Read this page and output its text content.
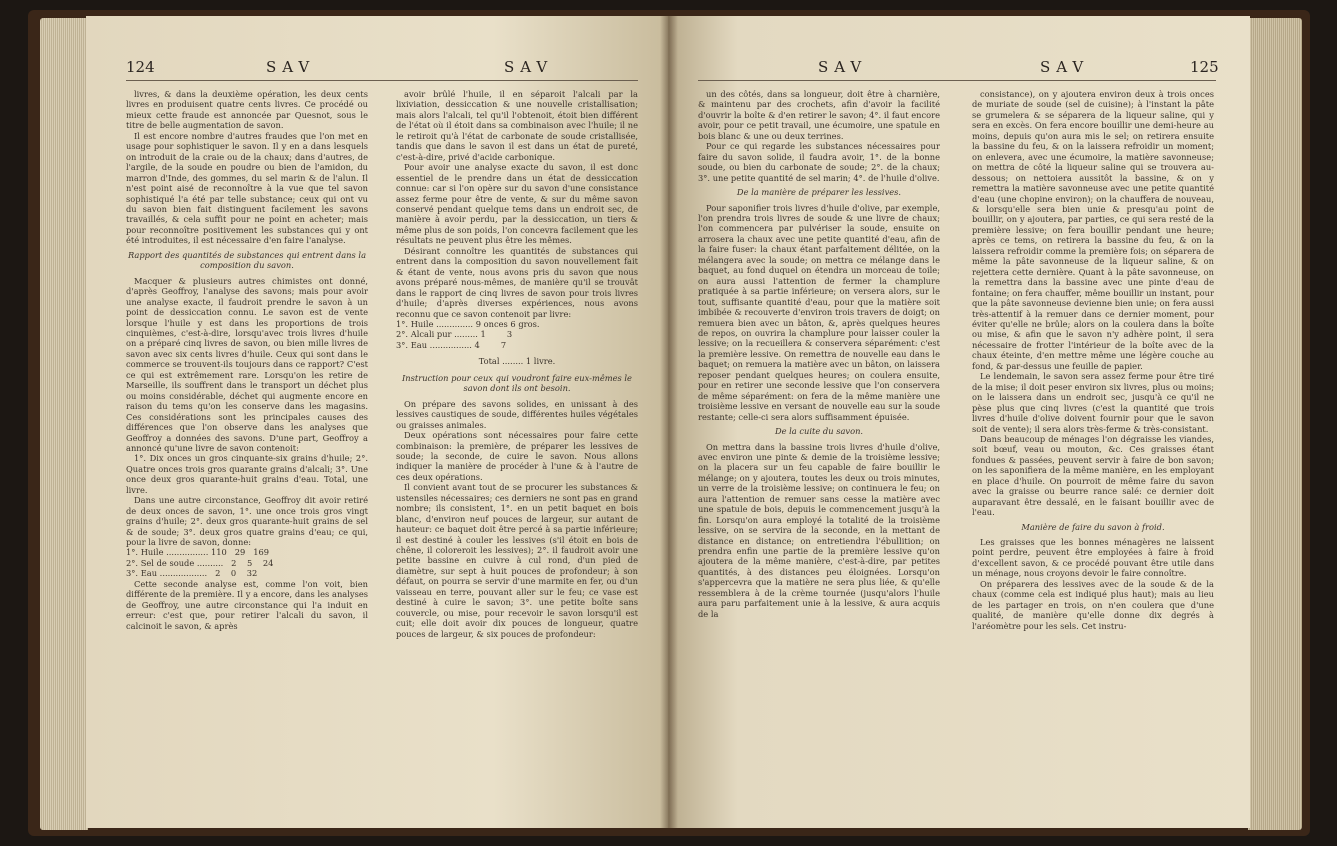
124	SAV	SAV

livres, & dans la deuxième opération, les deux cents livres en produisent quatre cents livres. Ce procédé ou mieux cette fraude est annoncée par Quesnot, sous le titre de belle augmentation de savon.

Il est encore nombre d'autres fraudes que l'on met en usage pour sophistiquer le savon. Il y en a dans lesquels on introduit de la craie ou de la chaux; dans d'autres, de l'argile, de la soude en poudre ou bien de l'amidon, du marron d'Inde, des gommes, du sel marin & de l'alun. Il n'est point aisé de reconnoître à la vue que tel savon sophistiqué l'a été par telle substance; ceux qui ont vu du savon bien fait distinguent facilement les savons travaillés, & cela suffit pour ne point en acheter; mais pour reconnoître positivement les substances qui y ont été introduites, il est nécessaire d'en faire l'analyse.

Rapport des quantités de substances qui entrent dans la composition du savon.

Macquer & plusieurs autres chimistes ont donné, d'après Geoffroy, l'analyse des savons; mais pour avoir une analyse exacte, il faudroit prendre le savon à un point de dessiccation connu. Le savon est de vente lorsque l'huile y est dans les proportions de trois cinquièmes, c'est-à-dire, lorsqu'avec trois livres d'huile on a préparé cinq livres de savon, ou bien mille livres de savon avec six cents livres d'huile. Ceux qui sont dans le commerce se trouvent-ils toujours dans ce rapport? C'est ce qui est extrêmement rare. Lorsqu'on les retire de Marseille, ils souffrent dans le transport un déchet plus ou moins considérable, déchet qui augmente encore en raison du tems qu'on les conserve dans les magasins. Ces considérations sont les principales causes des différences que l'on observe dans les analyses que Geoffroy a données des savons. D'une part, Geoffroy a annoncé qu'une livre de savon contenoit:

1°. Dix onces un gros cinquante-six grains d'huile; 2°. Quatre onces trois gros quarante grains d'alcali; 3°. Une once deux gros quarante-huit grains d'eau. Total, une livre.

Dans une autre circonstance, Geoffroy dit avoir retiré de deux onces de savon, 1°. une once trois gros vingt grains d'huile; 2°. deux gros quarante-huit grains de sel & de soude; 3°. deux gros quatre grains d'eau; ce qui, pour la livre de savon, donne:

1°. Huile ................ 110   29   169
2°. Sel de soude ..........   2    5    24
3°. Eau ..................   2    0    32

Cette seconde analyse est, comme l'on voit, bien différente de la première. Il y a encore, dans les analyses de Geoffroy, une autre circonstance qui l'a induit en erreur: c'est que, pour retirer l'alcali du savon, il calcinoit le savon, & après

avoir brûlé l'huile, il en séparoit l'alcali par la lixiviation, dessiccation & une nouvelle cristallisation; mais alors l'alcali, tel qu'il l'obtenoit, étoit bien différent de l'état où il étoit dans sa combinaison avec l'huile; il ne le retiroit qu'à l'état de carbonate de soude cristallisée, tandis que dans le savon il est dans un état de pureté, c'est-à-dire, privé d'acide carbonique.

Pour avoir une analyse exacte du savon, il est donc essentiel de le prendre dans un état de dessiccation connue: car si l'on opère sur du savon d'une consistance assez ferme pour être de vente, & sur du même savon conservé pendant quelque tems dans un endroit sec, de manière à avoir perdu, par la dessiccation, un tiers & même plus de son poids, l'on concevra facilement que les résultats ne peuvent plus être les mêmes.

Désirant connoître les quantités de substances qui entrent dans la composition du savon nouvellement fait & étant de vente, nous avons pris du savon que nous avons préparé nous-mêmes, de manière qu'il se trouvât dans le rapport de cinq livres de savon pour trois livres d'huile; d'après diverses expériences, nous avons reconnu que ce savon contenoit par livre:

1°. Huile .............. 9 onces 6 gros.
2°. Alcali pur ......... 1        3
3°. Eau ................ 4        7

Total ........ 1 livre.

Instruction pour ceux qui voudront faire eux-mêmes le savon dont ils ont besoin.

On prépare des savons solides, en unissant à des lessives caustiques de soude, différentes huiles végétales ou graisses animales.

Deux opérations sont nécessaires pour faire cette combinaison: la première, de préparer les lessives de soude; la seconde, de cuire le savon. Nous allons indiquer la manière de procéder à l'une & à l'autre de ces deux opérations.

Il convient avant tout de se procurer les substances & ustensiles nécessaires; ces derniers ne sont pas en grand nombre; ils consistent, 1°. en un petit baquet en bois blanc, d'environ neuf pouces de largeur, sur autant de hauteur: ce baquet doit être percé à sa partie inférieure; il est destiné à couler les lessives (s'il étoit en bois de chêne, il coloreroit les lessives); 2°. il faudroit avoir une petite bassine en cuivre à cul rond, d'un pied de diamètre, sur sept à huit pouces de profondeur; à son défaut, on pourra se servir d'une marmite en fer, ou d'un vaisseau en terre, pouvant aller sur le feu; ce vase est destiné à cuire le savon; 3°. une petite boîte sans couvercle, ou mise, pour recevoir le savon lorsqu'il est cuit; elle doit avoir dix pouces de longueur, quatre pouces de largeur, & six pouces de profondeur:

SAV	SAV	125

un des côtés, dans sa longueur, doit être à charnière, & maintenu par des crochets, afin d'avoir la facilité d'ouvrir la boîte & d'en retirer le savon; 4°. il faut encore avoir, pour ce petit travail, une écumoire, une spatule en bois blanc & une ou deux terrines.

Pour ce qui regarde les substances nécessaires pour faire du savon solide, il faudra avoir, 1°. de la bonne soude, ou bien du carbonate de soude; 2°. de la chaux; 3°. une petite quantité de sel marin; 4°. de l'huile d'olive.

De la manière de préparer les lessives.

Pour saponifier trois livres d'huile d'olive, par exemple, l'on prendra trois livres de soude & une livre de chaux; l'on commencera par pulvériser la soude, ensuite on arrosera la chaux avec une petite quantité d'eau, afin de la faire fuser: la chaux étant parfaitement délitée, on la mélangera avec la soude; on mettra ce mélange dans le baquet, au fond duquel on étendra un morceau de toile; on aura aussi l'attention de fermer la champlure pratiquée à sa partie inférieure; on versera alors, sur le tout, suffisante quantité d'eau, pour que la matière soit imbibée & recouverte d'environ trois travers de doigt; on remuera bien avec un bâton, &, après quelques heures de repos, on ouvrira la champlure pour laisser couler la lessive; on la recueillera & conservera séparément: c'est la première lessive. On remettra de nouvelle eau dans le baquet; on remuera la matière avec un bâton, on laissera reposer pendant quelques heures; on coulera ensuite, pour en retirer une seconde lessive que l'on conservera de même séparément: on fera de la même manière une troisième lessive en versant de nouvelle eau sur la soude restante; celle-ci sera alors suffisamment épuisée.

De la cuite du savon.

On mettra dans la bassine trois livres d'huile d'olive, avec environ une pinte & demie de la troisième lessive; on la placera sur un feu capable de faire bouillir le mélange; on y ajoutera, toutes les deux ou trois minutes, un verre de la troisième lessive; on continuera le feu; on aura l'attention de remuer sans cesse la matière avec une spatule de bois, depuis le commencement jusqu'à la fin. Lorsqu'on aura employé la totalité de la troisième lessive, on se servira de la seconde, en la mettant de distance en distance; on entretiendra l'ébullition; on prendra enfin une partie de la première lessive qu'on ajoutera de la même manière, c'est-à-dire, par petites quantités, à des distances peu éloignées. Lorsqu'on s'appercevra que la matière ne sera plus liée, & qu'elle ressemblera à de la crème tournée (jusqu'alors l'huile aura paru parfaitement unie à la lessive, & aura acquis de la

consistance), on y ajoutera environ deux à trois onces de muriate de soude (sel de cuisine); à l'instant la pâte se grumelera & se séparera de la liqueur saline, qui y sera en excès. On fera encore bouillir une demi-heure au moins, depuis qu'on aura mis le sel; on retirera ensuite la bassine du feu, & on la laissera refroidir un moment; on enlevera, avec une écumoire, la matière savonneuse; on mettra de côté la liqueur saline qui se trouvera au-dessous; on nettoiera aussitôt la bassine, & on y remettra la matière savonneuse avec une petite quantité d'eau (une chopine environ); on la chauffera de nouveau, & lorsqu'elle sera bien unie & presqu'au point de bouillir, on y ajoutera, par parties, ce qui sera resté de la première lessive; on fera bouillir pendant une heure; après ce tems, on retirera la bassine du feu, & on la laissera refroidir comme la première fois; on séparera de même la pâte savonneuse de la liqueur saline, & on rejettera cette dernière. Quant à la pâte savonneuse, on la remettra dans la bassine avec une pinte d'eau de fontaine; on fera chauffer, même bouillir un instant, pour que la pâte savonneuse devienne bien unie; on fera aussi très-attentif à la remuer dans ce dernier moment, pour éviter qu'elle ne brûle; alors on la coulera dans la boîte ou mise, & afin que le savon n'y adhère point, il sera nécessaire de frotter l'intérieur de la boîte avec de la chaux éteinte, d'en mettre même une légère couche au fond, & par-dessus une feuille de papier.

Le lendemain, le savon sera assez ferme pour être tiré de la mise; il doit peser environ six livres, plus ou moins; on le laissera dans un endroit sec, jusqu'à ce qu'il ne pèse plus que cinq livres (c'est la quantité que trois livres d'huile d'olive doivent fournir pour que le savon soit de vente); il sera alors très-ferme & très-consistant.

Dans beaucoup de ménages l'on dégraisse les viandes, soit bœuf, veau ou mouton, &c. Ces graisses étant fondues & passées, peuvent servir à faire de bon savon; on les saponifiera de la même manière, en les employant en place d'huile. On pourroit de même faire du savon avec la graisse ou beurre rance salé: ce dernier doit auparavant être dessalé, en le faisant bouillir avec de l'eau.

Manière de faire du savon à froid.

Les graisses que les bonnes ménagères ne laissent point perdre, peuvent être employées à faire à froid d'excellent savon, & ce procédé pouvant être utile dans un ménage, nous croyons devoir le faire connoître.

On préparera des lessives avec de la soude & de la chaux (comme cela est indiqué plus haut); mais au lieu de les partager en trois, on n'en coulera que d'une qualité, de manière qu'elle donne dix degrés à l'aréomètre pour les sels. Cet instru-
